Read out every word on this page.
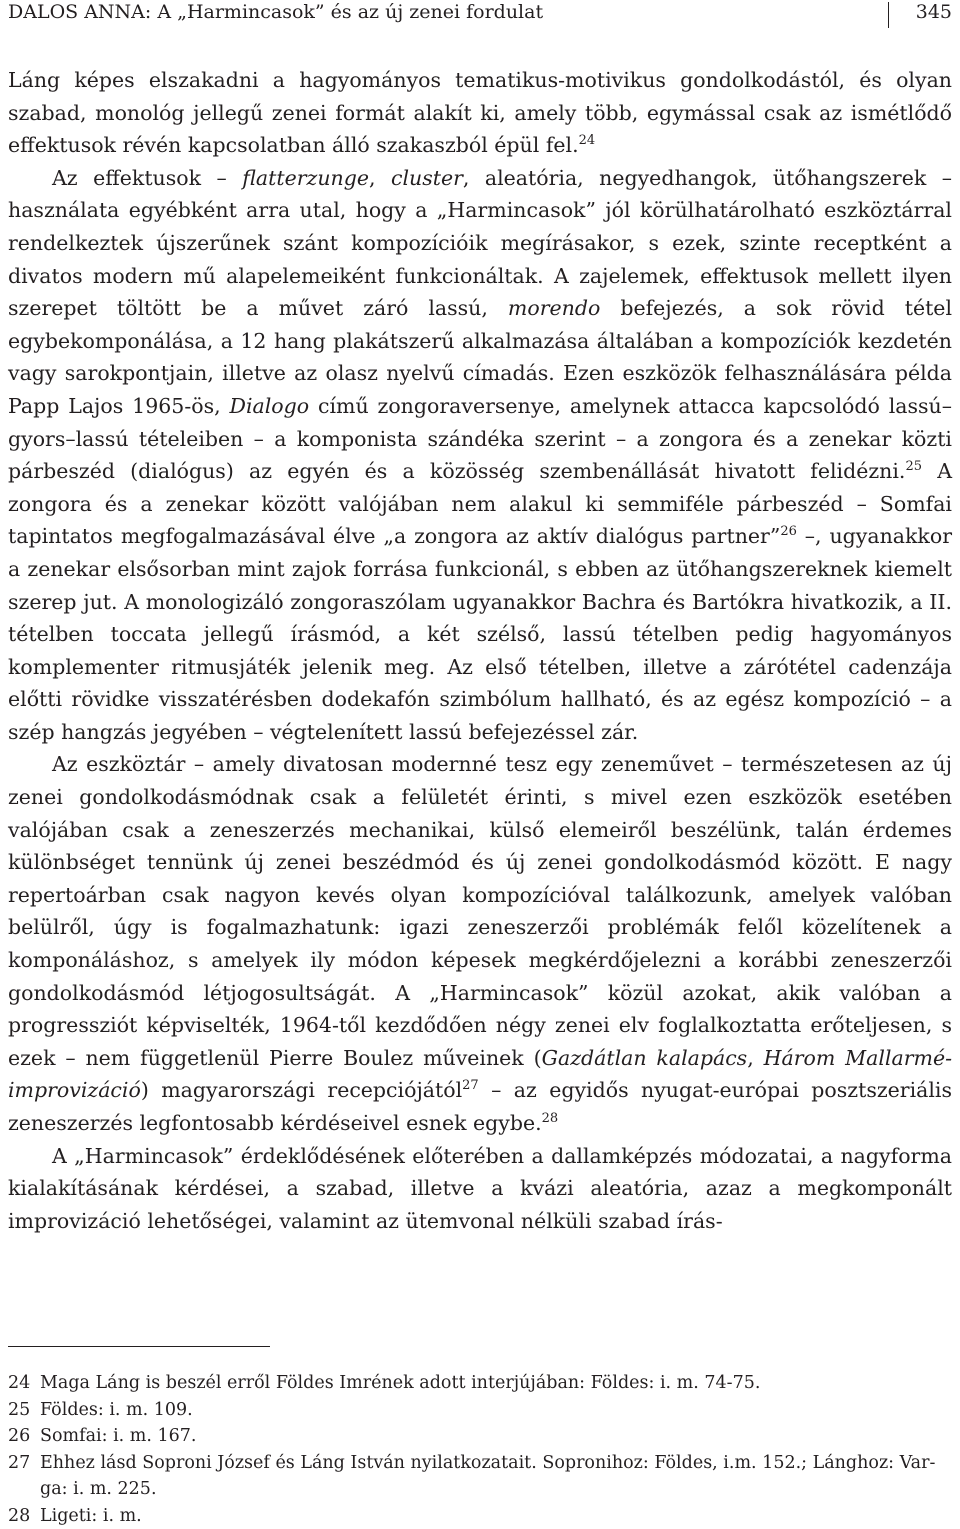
DALOS ANNA: A „Harmincasok” és az új zenei fordulat	345

Láng képes elszakadni a hagyományos tematikus-motivikus gondolkodástól, és olyan szabad, monológ jellegű zenei formát alakít ki, amely több, egymással csak az ismétlődő effektusok révén kapcsolatban álló szakaszból épül fel.$^{24}$

Az effektusok – flatterzunge, cluster, aleatória, negyedhangok, ütőhangszerek – használata egyébként arra utal, hogy a „Harmincasok” jól körülhatárolható eszköztárral rendelkeztek újszerűnek szánt kompozícióik megírásakor, s ezek, szinte receptként a divatos modern mű alapelemeiként funkcionáltak. A zajelemek, effektusok mellett ilyen szerepet töltött be a művet záró lassú, morendo befejezés, a sok rövid tétel egybekomponálása, a 12 hang plakátszerű alkalmazása általában a kompozíciók kezdetén vagy sarokpontjain, illetve az olasz nyelvű címadás. Ezen eszközök felhasználására példa Papp Lajos 1965-ös, Dialogo című zongoraversenye, amelynek attacca kapcsolódó lassú–gyors–lassú tételeiben – a komponista szándéka szerint – a zongora és a zenekar közti párbeszéd (dialógus) az egyén és a közösség szembenállását hivatott felidézni.$^{25}$ A zongora és a zenekar között valójában nem alakul ki semmiféle párbeszéd – Somfai tapintatos megfogalmazásával élve „a zongora az aktív dialógus partner”$^{26}$ –, ugyanakkor a zenekar elsősorban mint zajok forrása funkcionál, s ebben az ütőhangszereknek kiemelt szerep jut. A monologizáló zongoraszólam ugyanakkor Bachra és Bartókra hivatkozik, a II. tételben toccata jellegű írásmód, a két szélső, lassú tételben pedig hagyományos komplementer ritmusjáték jelenik meg. Az első tételben, illetve a zárótétel cadenzája előtti rövidke visszatérésben dodekafón szimbólum hallható, és az egész kompozíció – a szép hangzás jegyében – végtelenített lassú befejezéssel zár.

Az eszköztár – amely divatosan modernné tesz egy zeneművet – természetesen az új zenei gondolkodásmódnak csak a felületét érinti, s mivel ezen eszközök esetében valójában csak a zeneszerzés mechanikai, külső elemeiről beszélünk, talán érdemes különbséget tennünk új zenei beszédmód és új zenei gondolkodásmód között. E nagy repertoárban csak nagyon kevés olyan kompozícióval találkozunk, amelyek valóban belülről, úgy is fogalmazhatunk: igazi zeneszerzői problémák felől közelítenek a komponáláshoz, s amelyek ily módon képesek megkérdőjelezni a korábbi zeneszerzői gondolkodásmód létjogosultságát. A „Harmincasok” közül azokat, akik valóban a progressziót képviselték, 1964-től kezdődően négy zenei elv foglalkoztatta erőteljesen, s ezek – nem függetlenül Pierre Boulez műveinek (Gazdátlan kalapács, Három Mallarmé-improvizáció) magyarországi recepciójától$^{27}$ – az egyidős nyugat-európai posztszeriális zeneszerzés legfontosabb kérdéseivel esnek egybe.$^{28}$

A „Harmincasok” érdeklődésének előterében a dallamképzés módozatai, a nagyforma kialakításának kérdései, a szabad, illetve a kvázi aleatória, azaz a megkomponált improvizáció lehetőségei, valamint az ütemvonal nélküli szabad írás-

24 Maga Láng is beszél erről Földes Imrének adott interjújában: Földes: i. m. 74-75.
25 Földes: i. m. 109.
26 Somfai: i. m. 167.
27 Ehhez lásd Soproni József és Láng István nyilatkozatait. Sopronihoz: Földes, i.m. 152.; Lánghoz: Varga: i. m. 225.
28 Ligeti: i. m.
